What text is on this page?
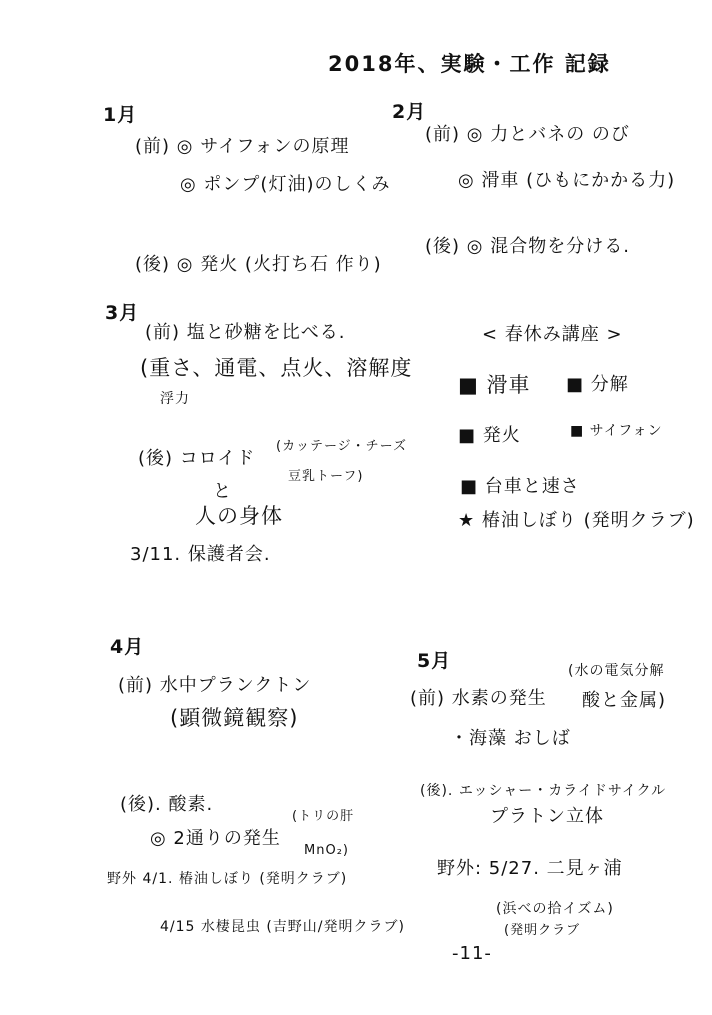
2018年、実験・工作 記録
1月
(前) ◎ サイフォンの原理
◎ ポンプ(灯油)のしくみ
(後) ◎ 発火 (火打ち石 作り)
2月
(前) ◎ 力とバネの のび
◎ 滑車 (ひもにかかる力)
(後) ◎ 混合物を分ける.
3月
(前) 塩と砂糖を比べる.
(重さ、通電、点火、溶解度
浮力
(後) コロイド
(カッテージ・チーズ
豆乳トーフ)
と
人の身体
3/11. 保護者会.
< 春休み講座 >
■ 滑車 ■ 分解
■ 発火	■ サイフォン
■ 台車と速さ
★ 椿油しぼり (発明クラブ)
4月
(前) 水中プランクトン
(顕微鏡観察)
(後). 酸素.
◎ 2通りの発生
(トリの肝
MnO₂)
野外 4/1. 椿油しぼり (発明クラブ)
4/15 水棲昆虫 (吉野山/発明クラブ)
5月
(前) 水素の発生
(水の電気分解
酸と金属)
・海藻 おしば
(後). エッシャー・カライドサイクル
プラトン立体
野外: 5/27. 二見ヶ浦
(浜べの拾イズム)
(発明クラブ
-11-
